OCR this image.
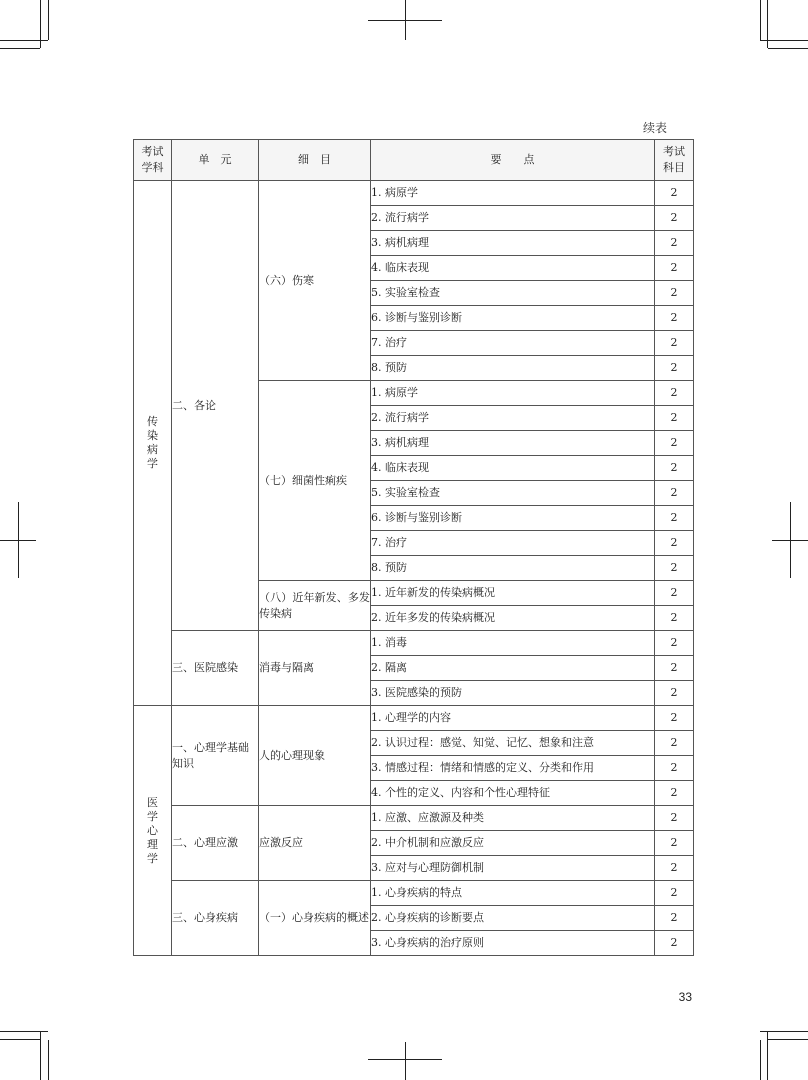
续表
考试学科	单　元	细　目	要　　点	考试科目

传染病学	二、各论	（六）伤寒	1. 病原学	2
			2. 流行病学	2
			3. 病机病理	2
			4. 临床表现	2
			5. 实验室检查	2
			6. 诊断与鉴别诊断	2
			7. 治疗	2
			8. 预防	2
		（七）细菌性痢疾	1. 病原学	2
			2. 流行病学	2
			3. 病机病理	2
			4. 临床表现	2
			5. 实验室检查	2
			6. 诊断与鉴别诊断	2
			7. 治疗	2
			8. 预防	2
		（八）近年新发、多发传染病	1. 近年新发的传染病概况	2
			2. 近年多发的传染病概况	2
	三、医院感染	消毒与隔离	1. 消毒	2
			2. 隔离	2
			3. 医院感染的预防	2

医学心理学	一、心理学基础知识	人的心理现象	1. 心理学的内容	2
			2. 认识过程：感觉、知觉、记忆、想象和注意	2
			3. 情感过程：情绪和情感的定义、分类和作用	2
			4. 个性的定义、内容和个性心理特征	2
	二、心理应激	应激反应	1. 应激、应激源及种类	2
			2. 中介机制和应激反应	2
			3. 应对与心理防御机制	2
	三、心身疾病	（一）心身疾病的概述	1. 心身疾病的特点	2
			2. 心身疾病的诊断要点	2
			3. 心身疾病的治疗原则	2
33
